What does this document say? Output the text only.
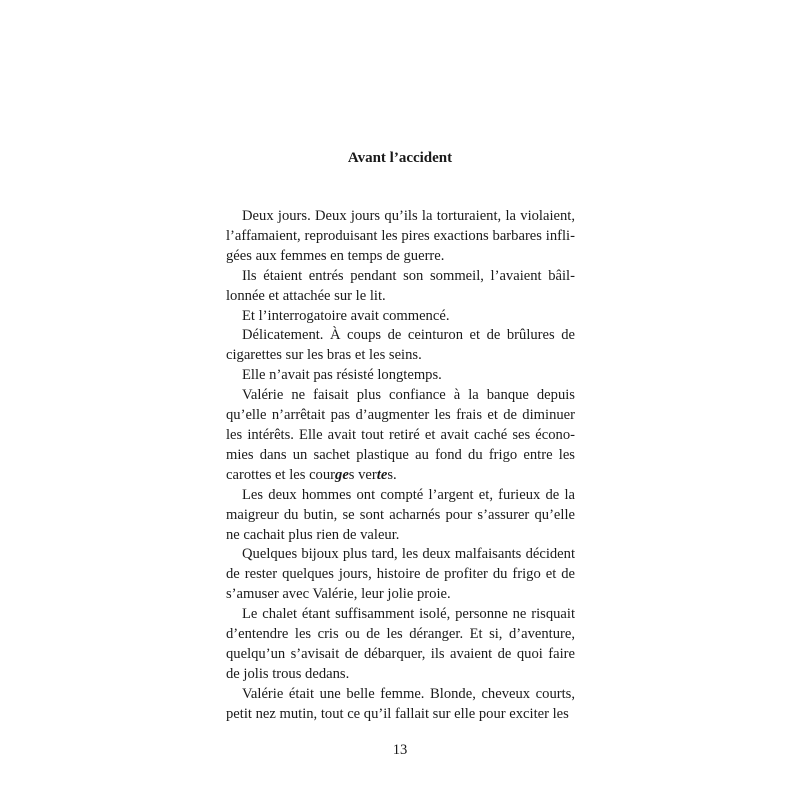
Avant l’accident

Deux jours. Deux jours qu’ils la torturaient, la violaient, l’affamaient, reproduisant les pires exactions barbares infligées aux femmes en temps de guerre.

Ils étaient entrés pendant son sommeil, l’avaient bâillonnée et attachée sur le lit.

Et l’interrogatoire avait commencé.

Délicatement. À coups de ceinturon et de brûlures de cigarettes sur les bras et les seins.

Elle n’avait pas résisté longtemps.

Valérie ne faisait plus confiance à la banque depuis qu’elle n’arrêtait pas d’augmenter les frais et de diminuer les intérêts. Elle avait tout retiré et avait caché ses économies dans un sachet plastique au fond du frigo entre les carottes et les courges vertes.

Les deux hommes ont compté l’argent et, furieux de la maigreur du butin, se sont acharnés pour s’assurer qu’elle ne cachait plus rien de valeur.

Quelques bijoux plus tard, les deux malfaisants décident de rester quelques jours, histoire de profiter du frigo et de s’amuser avec Valérie, leur jolie proie.

Le chalet étant suffisamment isolé, personne ne risquait d’entendre les cris ou de les déranger. Et si, d’aventure, quelqu’un s’avisait de débarquer, ils avaient de quoi faire de jolis trous dedans.

Valérie était une belle femme. Blonde, cheveux courts, petit nez mutin, tout ce qu’il fallait sur elle pour exciter les

13
